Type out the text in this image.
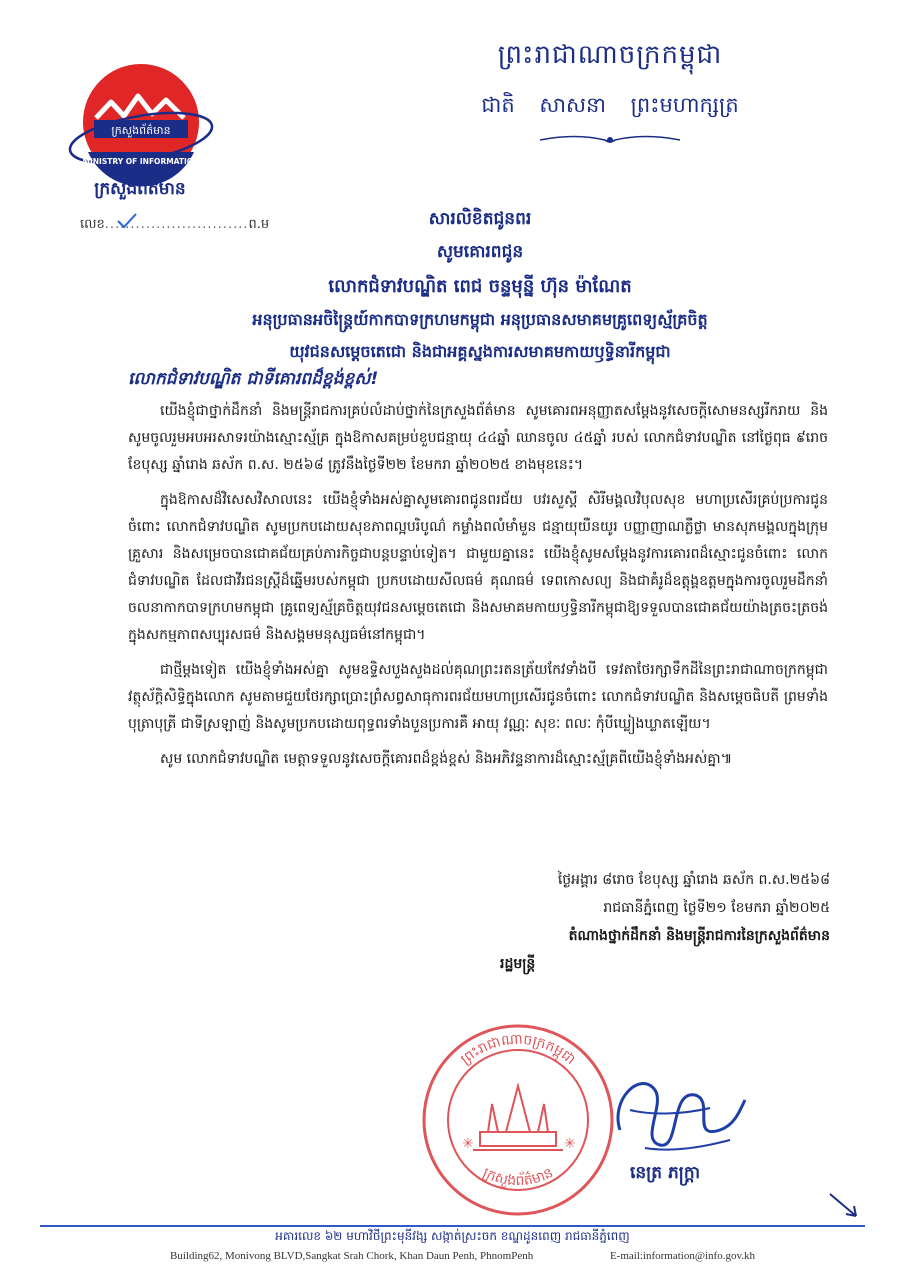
ព្រះរាជាណាចក្រកម្ពុជា
ជាតិ សាសនា ព្រះមហាក្សត្រ
ក្រសួងព័ត៌មាន
MINISTRY OF INFORMATION
ក្រសួងព័ត៌មាន
លេខ............................ព.ម	សារលិខិតជូនពរ
សូមគោរពជូន
លោកជំទាវបណ្ឌិត ពេជ ចន្ទមុន្នី ហ៊ុន ម៉ាណែត
អនុប្រធានអចិន្ត្រៃយ៍កាកបាទក្រហមកម្ពុជា អនុប្រធានសមាគមគ្រូពេទ្យស្ម័គ្រចិត្ត
យុវជនសម្ដេចតេជោ និងជាអគ្គស្នងការសមាគមកាយឫទ្ធិនារីកម្ពុជា
លោកជំទាវបណ្ឌិត ជាទីគោរពដ៏ខ្ពង់ខ្ពស់!

យើងខ្ញុំជាថ្នាក់ដឹកនាំ និងមន្ត្រីរាជការគ្រប់លំដាប់ថ្នាក់នៃក្រសួងព័ត៌មាន សូមគោរពអនុញ្ញាតសម្ដែងនូវសេចក្ដីសោមនស្សរីករាយ និងសូមចូលរួមអបអរសាទរយ៉ាងស្មោះស្ម័គ្រ ក្នុងឱកាសគម្រប់ខួបជន្មាយុ ៤៤ឆ្នាំ ឈានចូល ៤៥ឆ្នាំ របស់ លោកជំទាវបណ្ឌិត នៅថ្ងៃពុធ ៩រោច ខែបុស្ស ឆ្នាំរោង ឆស័ក ព.ស. ២៥៦៨ ត្រូវនឹងថ្ងៃទី២២ ខែមករា ឆ្នាំ២០២៥ ខាងមុខនេះ។

ក្នុងឱកាសដ៏វិសេសវិសាលនេះ យើងខ្ញុំទាំងអស់គ្នាសូមគោរពជូនពរជ័យ បវរសួស្ដី សិរីមង្គលវិបុលសុខ មហាប្រសើរគ្រប់ប្រការជូនចំពោះ លោកជំទាវបណ្ឌិត សូមប្រកបដោយសុខភាពល្អបរិបូណ៌ កម្លាំងពលំមាំមួន ជន្មាយុយឺនយូរ បញ្ញាញាណភ្លឺថ្លា មានសុភមង្គលក្នុងក្រុមគ្រួសារ និងសម្រេចបានជោគជ័យគ្រប់ភារកិច្ចជាបន្តបន្ទាប់ទៀត។ ជាមួយគ្នានេះ យើងខ្ញុំសូមសម្ដែងនូវការគោរពដ៏ស្មោះជូនចំពោះ លោកជំទាវបណ្ឌិត ដែលជាវីរជនស្ត្រីដ៏ឆ្នើមរបស់កម្ពុជា ប្រកបដោយសីលធម៌ គុណធម៌ ទេពកោសល្យ និងជាគំរូដ៏ឧត្តុង្គឧត្តមក្នុងការចូលរួមដឹកនាំចលនាកាកបាទក្រហមកម្ពុជា គ្រូពេទ្យស្ម័គ្រចិត្តយុវជនសម្ដេចតេជោ និងសមាគមកាយឫទ្ធិនារីកម្ពុជាឱ្យទទួលបានជោគជ័យយ៉ាងត្រចះត្រចង់ក្នុងសកម្មភាពសប្បុរសធម៌ និងសង្គមមនុស្សធម៌នៅកម្ពុជា។

ជាថ្មីម្ដងទៀត យើងខ្ញុំទាំងអស់គ្នា សូមឧទ្ទិសបួងសួងដល់គុណព្រះរតនត្រ័យកែវទាំងបី ទេវតាថែរក្សាទឹកដីនៃព្រះរាជាណាចក្រកម្ពុជា វត្ថុស័ក្តិសិទ្ធិក្នុងលោក សូមតាមជួយថែរក្សាប្រោះព្រំសព្វសាធុការពរជ័យមហាប្រសើរជូនចំពោះ លោកជំទាវបណ្ឌិត និងសម្ដេចធិបតី ព្រមទាំងបុត្រាបុត្រី ជាទីស្រឡាញ់ និងសូមប្រកបដោយពុទ្ធពរទាំងបួនប្រការគឺ អាយុ វណ្ណៈ សុខៈ ពលៈ កុំបីឃ្លៀងឃ្លាតឡើយ។

សូម លោកជំទាវបណ្ឌិត មេត្តាទទួលនូវសេចក្ដីគោរពដ៏ខ្ពង់ខ្ពស់ និងអភិវន្ទនាការដ៏ស្មោះស្ម័គ្រពីយើងខ្ញុំទាំងអស់គ្នា៕

ថ្ងៃអង្គារ ៨រោច ខែបុស្ស ឆ្នាំរោង ឆស័ក ព.ស.២៥៦៨
រាជធានីភ្នំពេញ ថ្ងៃទី២១ ខែមករា ឆ្នាំ២០២៥
តំណាងថ្នាក់ដឹកនាំ និងមន្ត្រីរាជការនៃក្រសួងព័ត៌មាន
រដ្ឋមន្ត្រី
ព្រះរាជាណាចក្រកម្ពុជា
ក្រសួងព័ត៌មាន
✳	✳
នេត្រ ភក្ត្រា
អគារលេខ ៦២ មហាវិថីព្រះមុនីវង្ស សង្កាត់ស្រះចក ខណ្ឌដូនពេញ រាជធានីភ្នំពេញ
Building62, Monivong BLVD,Sangkat Srah Chork, Khan Daun Penh, PhnomPenh	E-mail:information@info.gov.kh
